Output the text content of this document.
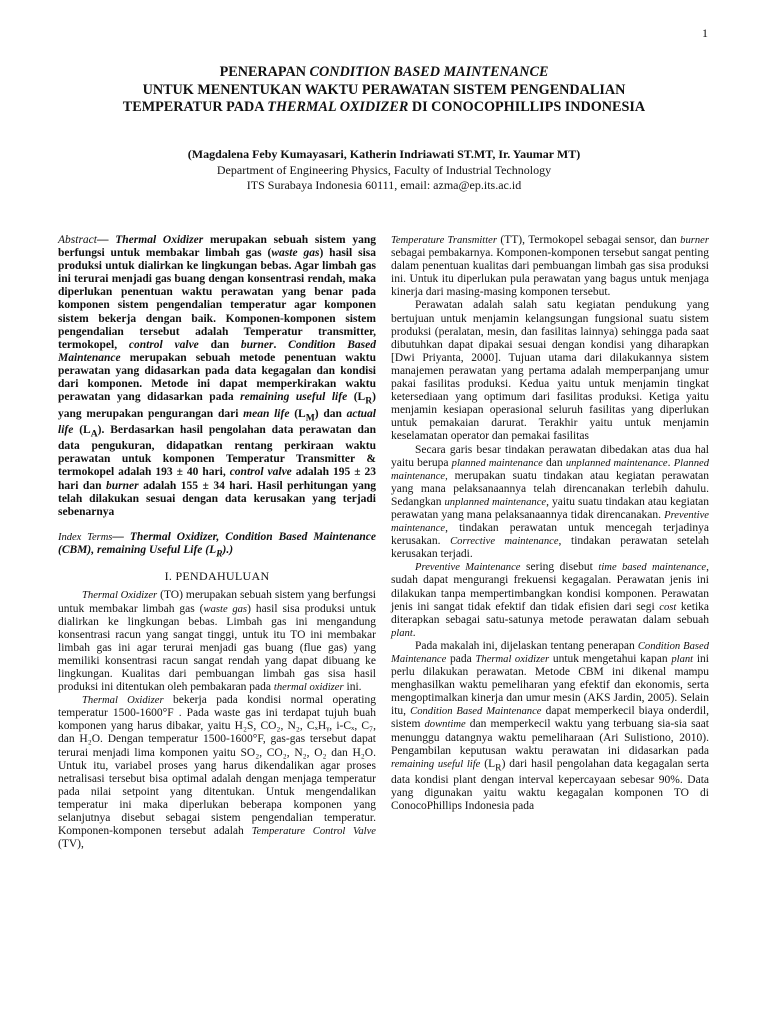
1
PENERAPAN CONDITION BASED MAINTENANCE
UNTUK MENENTUKAN WAKTU PERAWATAN SISTEM PENGENDALIAN
TEMPERATUR PADA THERMAL OXIDIZER DI CONOCOPHILLIPS INDONESIA
(Magdalena Feby Kumayasari, Katherin Indriawati ST.MT, Ir. Yaumar MT)
Department of Engineering Physics, Faculty of Industrial Technology
ITS Surabaya Indonesia 60111, email: azma@ep.its.ac.id

Abstract— Thermal Oxidizer merupakan sebuah sistem yang berfungsi untuk membakar limbah gas (waste gas) hasil sisa produksi untuk dialirkan ke lingkungan bebas. Agar limbah gas ini terurai menjadi gas buang dengan konsentrasi rendah, maka diperlukan penentuan waktu perawatan yang benar pada komponen sistem pengendalian temperatur agar komponen sistem bekerja dengan baik. Komponen-komponen sistem pengendalian tersebut adalah Temperatur transmitter, termokopel, control valve dan burner. Condition Based Maintenance merupakan sebuah metode penentuan waktu perawatan yang didasarkan pada data kegagalan dan kondisi dari komponen. Metode ini dapat memperkirakan waktu perawatan yang didasarkan pada remaining useful life $(L_R)$ yang merupakan pengurangan dari mean life $(L_M)$ dan actual life $(L_A)$. Berdasarkan hasil pengolahan data perawatan dan data pengukuran, didapatkan rentang perkiraan waktu perawatan untuk komponen Temperatur Transmitter & termokopel adalah 193 ± 40 hari, control valve adalah 195 ± 23 hari dan burner adalah 155 ± 34 hari. Hasil perhitungan yang telah dilakukan sesuai dengan data kerusakan yang terjadi sebenarnya

Index Terms— Thermal Oxidizer, Condition Based Maintenance (CBM), remaining Useful Life $(L_R)$.)

I. PENDAHULUAN

Thermal Oxidizer (TO) merupakan sebuah sistem yang berfungsi untuk membakar limbah gas (waste gas) hasil sisa produksi untuk dialirkan ke lingkungan bebas. Limbah gas ini mengandung konsentrasi racun yang sangat tinggi, untuk itu TO ini membakar limbah gas ini agar terurai menjadi gas buang (flue gas) yang memiliki konsentrasi racun sangat rendah yang dapat dibuang ke lingkungan. Kualitas dari pembuangan limbah gas sisa hasil produksi ini ditentukan oleh pembakaran pada thermal oxidizer ini.

Thermal Oxidizer bekerja pada kondisi normal operating temperatur 1500-1600°F . Pada waste gas ini terdapat tujuh buah komponen yang harus dibakar, yaitu H₂S, CO₂, N₂, CₓHᵧ, i-Cₓ, C₇, dan H₂O. Dengan temperatur 1500-1600°F, gas-gas tersebut dapat terurai menjadi lima komponen yaitu SO₂, CO₂, N₂, O₂ dan H₂O. Untuk itu, variabel proses yang harus dikendalikan agar proses netralisasi tersebut bisa optimal adalah dengan menjaga temperatur pada nilai setpoint yang ditentukan. Untuk mengendalikan temperatur ini maka diperlukan beberapa komponen yang selanjutnya disebut sebagai sistem pengendalian temperatur. Komponen-komponen tersebut adalah Temperature Control Valve (TV),

Temperature Transmitter (TT), Termokopel sebagai sensor, dan burner sebagai pembakarnya. Komponen-komponen tersebut sangat penting dalam penentuan kualitas dari pembuangan limbah gas sisa produksi ini. Untuk itu diperlukan pula perawatan yang bagus untuk menjaga kinerja dari masing-masing komponen tersebut.

Perawatan adalah salah satu kegiatan pendukung yang bertujuan untuk menjamin kelangsungan fungsional suatu sistem produksi (peralatan, mesin, dan fasilitas lainnya) sehingga pada saat dibutuhkan dapat dipakai sesuai dengan kondisi yang diharapkan [Dwi Priyanta, 2000]. Tujuan utama dari dilakukannya sistem manajemen perawatan yang pertama adalah memperpanjang umur pakai fasilitas produksi. Kedua yaitu untuk menjamin tingkat ketersediaan yang optimum dari fasilitas produksi. Ketiga yaitu menjamin kesiapan operasional seluruh fasilitas yang diperlukan untuk pemakaian darurat. Terakhir yaitu untuk menjamin keselamatan operator dan pemakai fasilitas

Secara garis besar tindakan perawatan dibedakan atas dua hal yaitu berupa planned maintenance dan unplanned maintenance. Planned maintenance, merupakan suatu tindakan atau kegiatan perawatan yang mana pelaksanaannya telah direncanakan terlebih dahulu. Sedangkan unplanned maintenance, yaitu suatu tindakan atau kegiatan perawatan yang mana pelaksanaannya tidak direncanakan. Preventive maintenance, tindakan perawatan untuk mencegah terjadinya kerusakan. Corrective maintenance, tindakan perawatan setelah kerusakan terjadi.

Preventive Maintenance sering disebut time based maintenance, sudah dapat mengurangi frekuensi kegagalan. Perawatan jenis ini dilakukan tanpa mempertimbangkan kondisi komponen. Perawatan jenis ini sangat tidak efektif dan tidak efisien dari segi cost ketika diterapkan sebagai satu-satunya metode perawatan dalam sebuah plant.

Pada makalah ini, dijelaskan tentang penerapan Condition Based Maintenance pada Thermal oxidizer untuk mengetahui kapan plant ini perlu dilakukan perawatan. Metode CBM ini dikenal mampu menghasilkan waktu pemeliharan yang efektif dan ekonomis, serta mengoptimalkan kinerja dan umur mesin (AKS Jardin, 2005). Selain itu, Condition Based Maintenance dapat memperkecil biaya onderdil, sistem downtime dan memperkecil waktu yang terbuang sia-sia saat menunggu datangnya waktu pemeliharaan (Ari Sulistiono, 2010). Pengambilan keputusan waktu perawatan ini didasarkan pada remaining useful life $(L_R)$ dari hasil pengolahan data kegagalan serta data kondisi plant dengan interval kepercayaan sebesar 90%. Data yang digunakan yaitu waktu kegagalan komponen TO di ConocoPhillips Indonesia pada
